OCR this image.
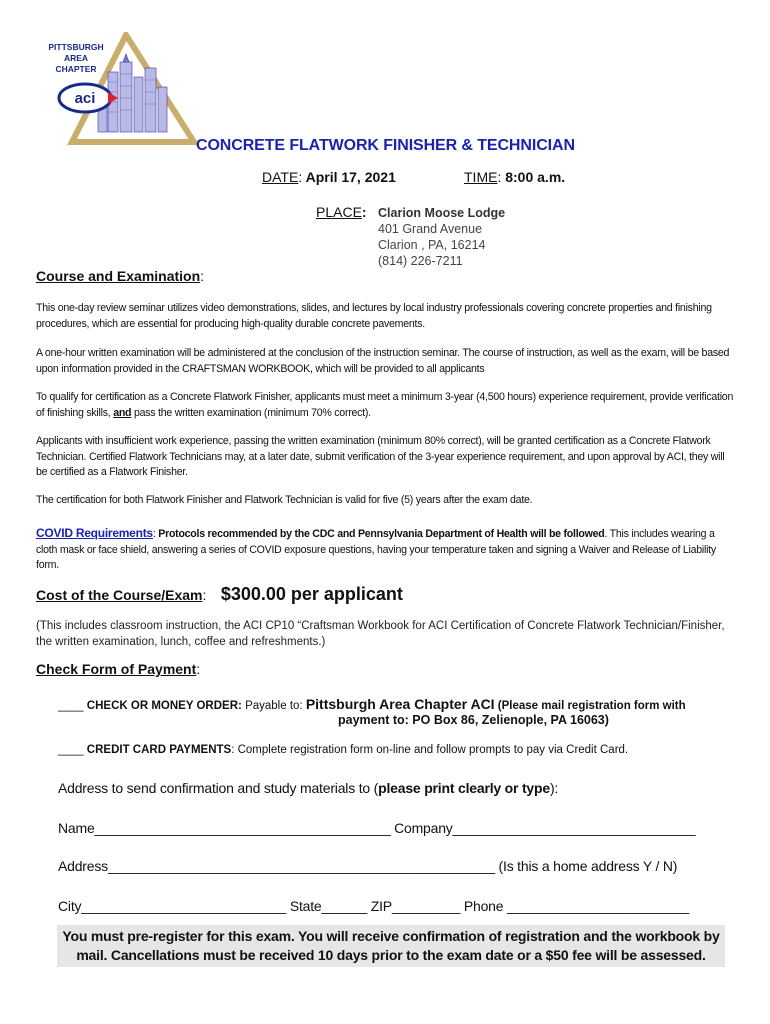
aci
PITTSBURGH
AREA
CHAPTER
CONCRETE FLATWORK FINISHER & TECHNICIAN
DATE: April 17, 2021	TIME: 8:00 a.m.
PLACE: Clarion Moose Lodge
401 Grand Avenue
Clarion , PA, 16214
(814) 226-7211
Course and Examination:
This one-day review seminar utilizes video demonstrations, slides, and lectures by local industry professionals covering concrete properties and finishing procedures, which are essential for producing high-quality durable concrete pavements.
A one-hour written examination will be administered at the conclusion of the instruction seminar. The course of instruction, as well as the exam, will be based upon information provided in the CRAFTSMAN WORKBOOK, which will be provided to all applicants
To qualify for certification as a Concrete Flatwork Finisher, applicants must meet a minimum 3-year (4,500 hours) experience requirement, provide verification of finishing skills, and pass the written examination (minimum 70% correct).
Applicants with insufficient work experience, passing the written examination (minimum 80% correct), will be granted certification as a Concrete Flatwork Technician. Certified Flatwork Technicians may, at a later date, submit verification of the 3-year experience requirement, and upon approval by ACI, they will be certified as a Flatwork Finisher.
The certification for both Flatwork Finisher and Flatwork Technician is valid for five (5) years after the exam date.
COVID Requirements: Protocols recommended by the CDC and Pennsylvania Department of Health will be followed. This includes wearing a cloth mask or face shield, answering a series of COVID exposure questions, having your temperature taken and signing a Waiver and Release of Liability form.
Cost of the Course/Exam: $300.00 per applicant
(This includes classroom instruction, the ACI CP10 “Craftsman Workbook for ACI Certification of Concrete Flatwork Technician/Finisher, the written examination, lunch, coffee and refreshments.)
Check Form of Payment:
____ CHECK OR MONEY ORDER: Payable to: Pittsburgh Area Chapter ACI (Please mail registration form with
payment to: PO Box 86, Zelienople, PA 16063)
____ CREDIT CARD PAYMENTS: Complete registration form on-line and follow prompts to pay via Credit Card.
Address to send confirmation and study materials to (please print clearly or type):
Name_______________________________________ Company________________________________
Address___________________________________________________ (Is this a home address Y / N)
City___________________________ State______ ZIP_________ Phone ________________________
You must pre-register for this exam. You will receive confirmation of registration and the workbook by
mail. Cancellations must be received 10 days prior to the exam date or a $50 fee will be assessed.
